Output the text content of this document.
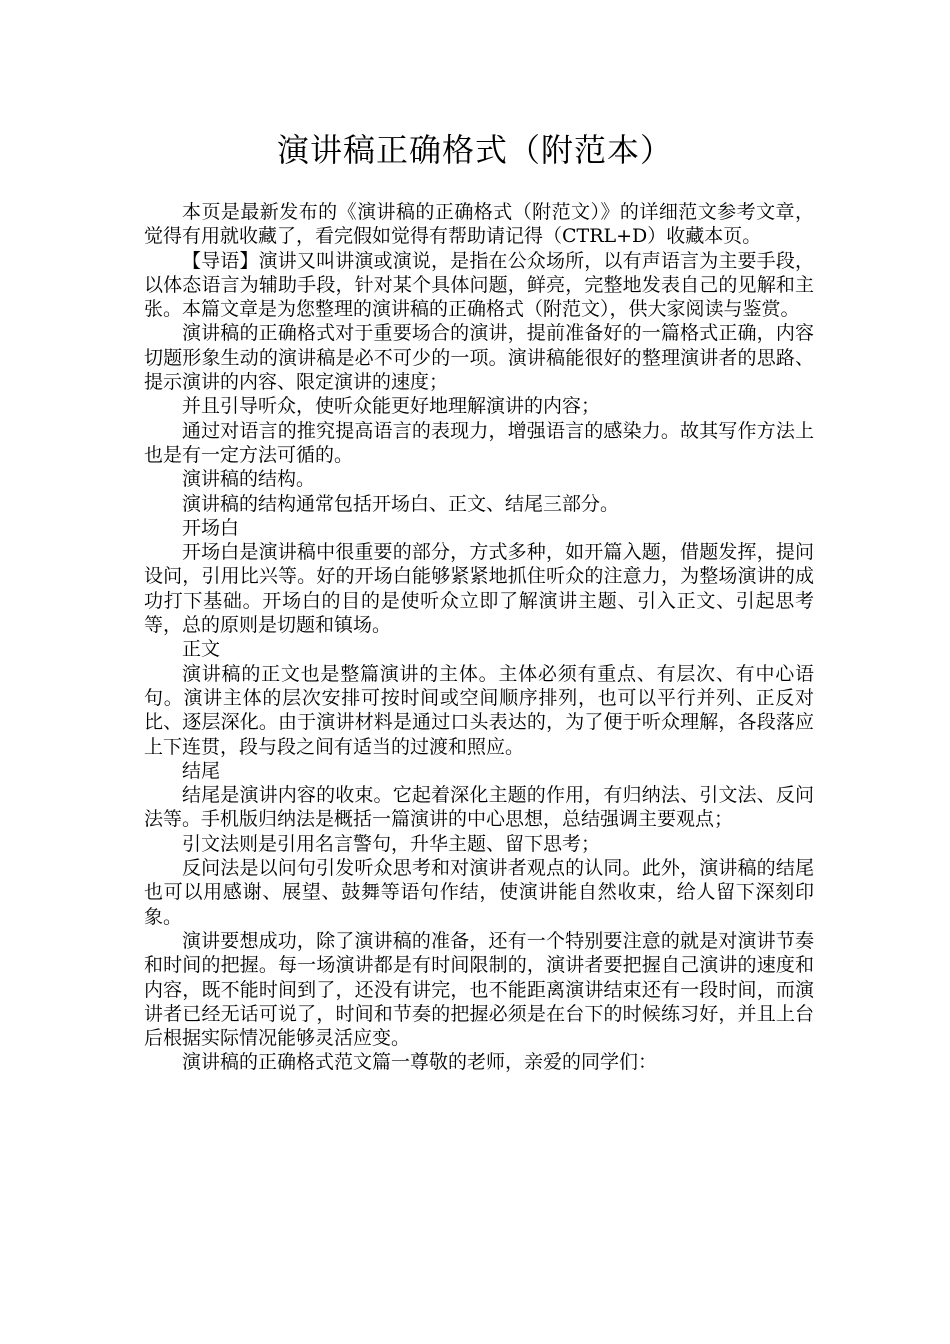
演讲稿正确格式（附范本）

本页是最新发布的《演讲稿的正确格式（附范文）》的详细范文参考文章，觉得有用就收藏了，看完假如觉得有帮助请记得（CTRL+D）收藏本页。

【导语】演讲又叫讲演或演说，是指在公众场所，以有声语言为主要手段，以体态语言为辅助手段，针对某个具体问题，鲜亮，完整地发表自己的见解和主张。本篇文章是为您整理的演讲稿的正确格式（附范文），供大家阅读与鉴赏。

演讲稿的正确格式对于重要场合的演讲，提前准备好的一篇格式正确，内容切题形象生动的演讲稿是必不可少的一项。演讲稿能很好的整理演讲者的思路、提示演讲的内容、限定演讲的速度；

并且引导听众，使听众能更好地理解演讲的内容；

通过对语言的推究提高语言的表现力，增强语言的感染力。故其写作方法上也是有一定方法可循的。

演讲稿的结构。

演讲稿的结构通常包括开场白、正文、结尾三部分。

开场白

开场白是演讲稿中很重要的部分，方式多种，如开篇入题，借题发挥，提问设问，引用比兴等。好的开场白能够紧紧地抓住听众的注意力，为整场演讲的成功打下基础。开场白的目的是使听众立即了解演讲主题、引入正文、引起思考等，总的原则是切题和镇场。

正文

演讲稿的正文也是整篇演讲的主体。主体必须有重点、有层次、有中心语句。演讲主体的层次安排可按时间或空间顺序排列，也可以平行并列、正反对比、逐层深化。由于演讲材料是通过口头表达的，为了便于听众理解，各段落应上下连贯，段与段之间有适当的过渡和照应。

结尾

结尾是演讲内容的收束。它起着深化主题的作用，有归纳法、引文法、反问法等。手机版归纳法是概括一篇演讲的中心思想，总结强调主要观点；

引文法则是引用名言警句，升华主题、留下思考；

反问法是以问句引发听众思考和对演讲者观点的认同。此外，演讲稿的结尾也可以用感谢、展望、鼓舞等语句作结，使演讲能自然收束，给人留下深刻印象。

演讲要想成功，除了演讲稿的准备，还有一个特别要注意的就是对演讲节奏和时间的把握。每一场演讲都是有时间限制的，演讲者要把握自己演讲的速度和内容，既不能时间到了，还没有讲完，也不能距离演讲结束还有一段时间，而演讲者已经无话可说了，时间和节奏的把握必须是在台下的时候练习好，并且上台后根据实际情况能够灵活应变。

演讲稿的正确格式范文篇一尊敬的老师，亲爱的同学们：
